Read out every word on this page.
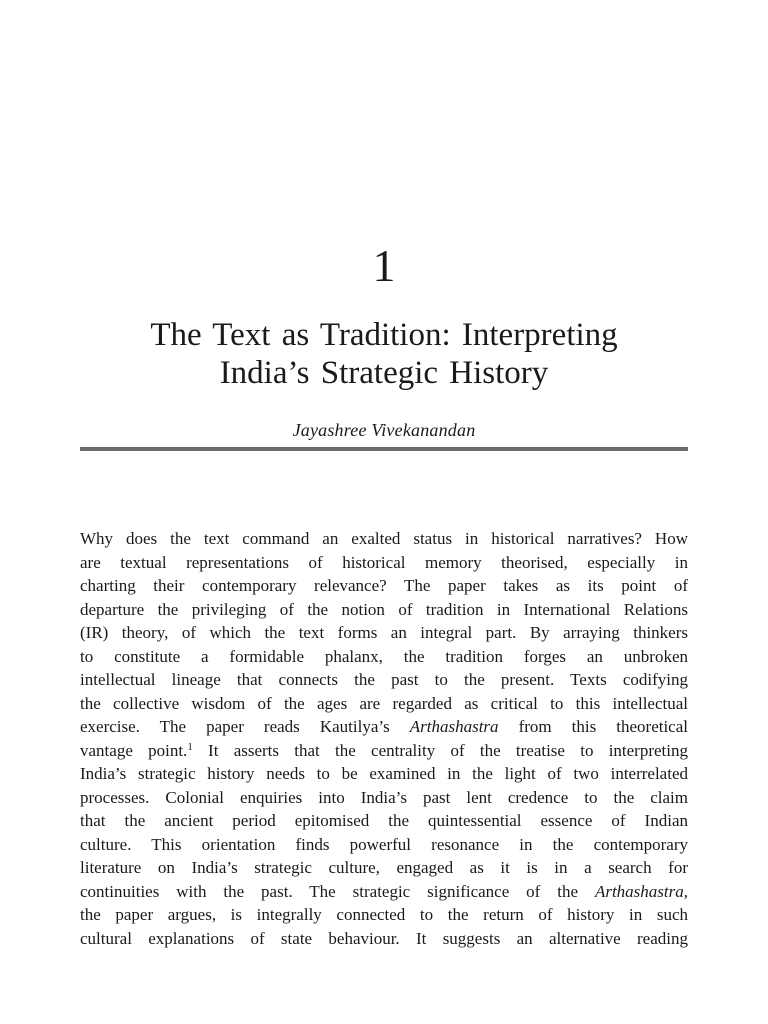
1
The Text as Tradition: Interpreting
India’s Strategic History
Jayashree Vivekanandan
Why does the text command an exalted status in historical narratives? How
are textual representations of historical memory theorised, especially in
charting their contemporary relevance? The paper takes as its point of
departure the privileging of the notion of tradition in International Relations
(IR) theory, of which the text forms an integral part. By arraying thinkers
to constitute a formidable phalanx, the tradition forges an unbroken
intellectual lineage that connects the past to the present. Texts codifying
the collective wisdom of the ages are regarded as critical to this intellectual
exercise. The paper reads Kautilya’s Arthashastra from this theoretical
vantage point.$^1$ It asserts that the centrality of the treatise to interpreting
India’s strategic history needs to be examined in the light of two interrelated
processes. Colonial enquiries into India’s past lent credence to the claim
that the ancient period epitomised the quintessential essence of Indian
culture. This orientation finds powerful resonance in the contemporary
literature on India’s strategic culture, engaged as it is in a search for
continuities with the past. The strategic significance of the Arthashastra,
the paper argues, is integrally connected to the return of history in such
cultural explanations of state behaviour. It suggests an alternative reading
